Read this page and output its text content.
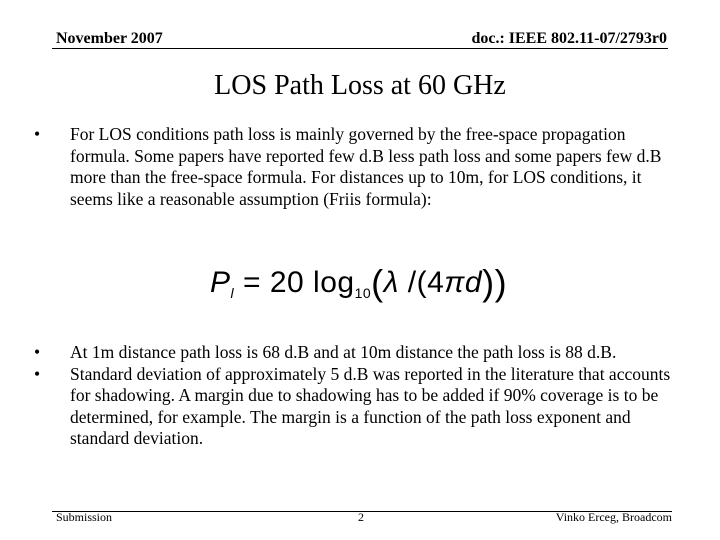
November 2007	doc.: IEEE 802.11-07/2793r0
LOS Path Loss at 60 GHz
• For LOS conditions path loss is mainly governed by the free-space propagation formula. Some papers have reported few d.B less path loss and some papers few d.B more than the free-space formula. For distances up to 10m, for LOS conditions, it seems like a reasonable assumption (Friis formula):
$P_l = 20$ $\log_{10}(\lambda$ /(4πd))
• At 1m distance path loss is 68 d.B and at 10m distance the path loss is 88 d.B.
• Standard deviation of approximately 5 d.B was reported in the literature that accounts for shadowing. A margin due to shadowing has to be added if 90% coverage is to be determined, for example. The margin is a function of the path loss exponent and standard deviation.
Submission	2	Vinko Erceg, Broadcom
